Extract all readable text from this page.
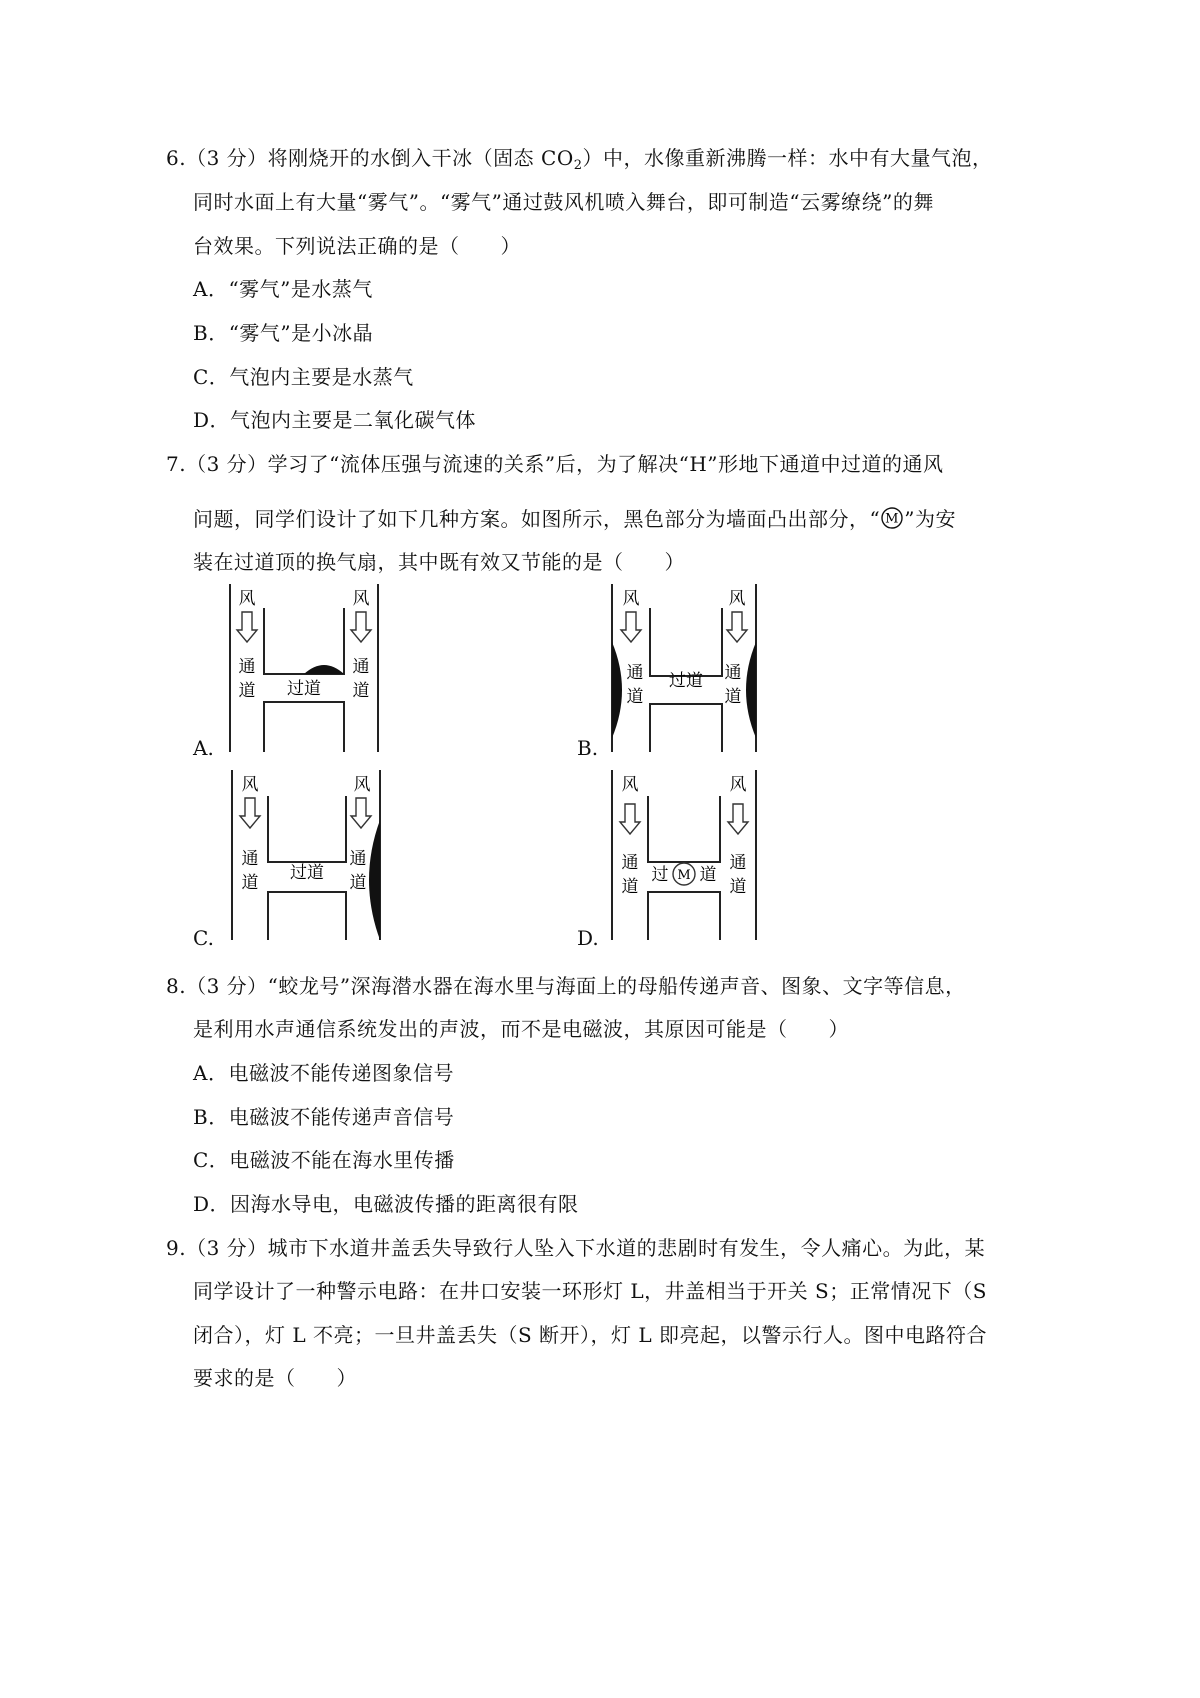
6.（3 分）将刚烧开的水倒入干冰（固态 $CO_2$）中，水像重新沸腾一样：水中有大量气泡，
同时水面上有大量“雾气”。“雾气”通过鼓风机喷入舞台，即可制造“云雾缭绕”的舞
台效果。下列说法正确的是（　　）
A．“雾气”是水蒸气
B．“雾气”是小冰晶
C．气泡内主要是水蒸气
D．气泡内主要是二氧化碳气体
7.（3 分）学习了“流体压强与流速的关系”后，为了解决“H”形地下通道中过道的通风
问题，同学们设计了如下几种方案。如图所示，黑色部分为墙面凸出部分，“ M ”为安
装在过道顶的换气扇，其中既有效又节能的是（　　）
A.
风	风
通
道
通
道
过道
B.
风	风
通
道
通
道
过道
C.
风	风
通
道
通
道
过道
D.
风	风
通
道
通
道
过 M 道
8.（3 分）“蛟龙号”深海潜水器在海水里与海面上的母船传递声音、图象、文字等信息，
是利用水声通信系统发出的声波，而不是电磁波，其原因可能是（　　）
A．电磁波不能传递图象信号
B．电磁波不能传递声音信号
C．电磁波不能在海水里传播
D．因海水导电，电磁波传播的距离很有限
9.（3 分）城市下水道井盖丢失导致行人坠入下水道的悲剧时有发生，令人痛心。为此，某
同学设计了一种警示电路：在井口安装一环形灯 L，井盖相当于开关 S；正常情况下（S
闭合），灯 L 不亮；一旦井盖丢失（S 断开），灯 L 即亮起，以警示行人。图中电路符合
要求的是（　　）
